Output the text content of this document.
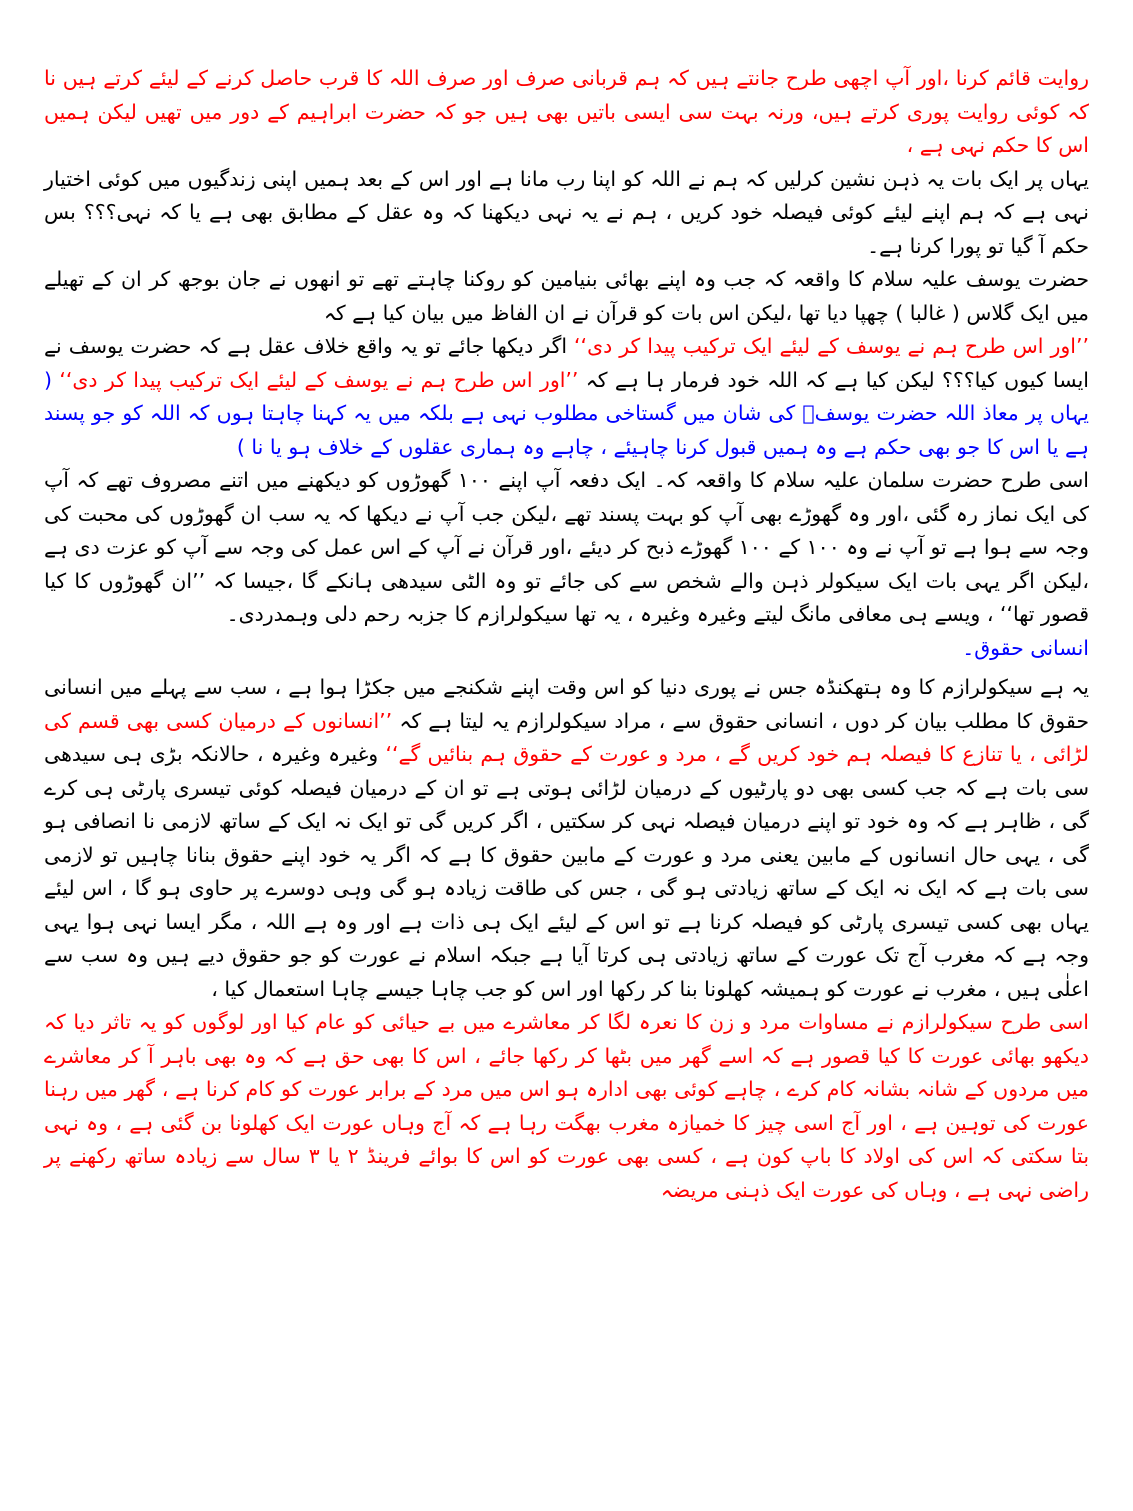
روایت قائم کرنا ،اور آپ اچھی طرح جانتے ہیں کہ ہم قربانی صرف اور صرف اللہ کا قرب حاصل کرنے کے لیئے کرتے ہیں نا کہ کوئی روایت پوری کرتے ہیں، ورنہ بہت سی ایسی باتیں بھی ہیں جو کہ حضرت ابراہیم کے دور میں تھیں لیکن ہمیں اس کا حکم نہی ہے ،

یہاں پر ایک بات یہ ذہن نشین کرلیں کہ ہم نے اللہ کو اپنا رب مانا ہے اور اس کے بعد ہمیں اپنی زندگیوں میں کوئی اختیار نہی ہے کہ ہم اپنے لیئے کوئی فیصلہ خود کریں ، ہم نے یہ نہی دیکھنا کہ وہ عقل کے مطابق بھی ہے یا کہ نہی؟؟؟ بس حکم آ گیا تو پورا کرنا ہے۔

حضرت یوسف علیہ سلام کا واقعہ کہ جب وہ اپنے بھائی بنیامین کو روکنا چاہتے تھے تو انھوں نے جان بوجھ کر ان کے تھیلے میں ایک گلاس ( غالبا ) چھپا دیا تھا ،لیکن اس بات کو قرآن نے ان الفاظ میں بیان کیا ہے کہ

’’اور اس طرح ہم نے یوسف کے لیئے ایک ترکیب پیدا کر دی‘‘ اگر دیکھا جائے تو یہ واقع خلاف عقل ہے کہ حضرت یوسف نے ایسا کیوں کیا؟؟؟ لیکن کیا ہے کہ اللہ خود فرمار ہا ہے کہ ’’اور اس طرح ہم نے یوسف کے لیئے ایک ترکیب پیدا کر دی‘‘ ( یہاں پر معاذ اللہ حضرت یوسفؑ کی شان میں گستاخی مطلوب نہی ہے بلکہ میں یہ کہنا چاہتا ہوں کہ اللہ کو جو پسند ہے یا اس کا جو بھی حکم ہے وہ ہمیں قبول کرنا چاہیئے ، چاہے وہ ہماری عقلوں کے خلاف ہو یا نا )

اسی طرح حضرت سلمان علیہ سلام کا واقعہ کہ۔ ایک دفعہ آپ اپنے ۱۰۰ گھوڑوں کو دیکھنے میں اتنے مصروف تھے کہ آپ کی ایک نماز رہ گئی ،اور وہ گھوڑے بھی آپ کو بہت پسند تھے ،لیکن جب آپ نے دیکھا کہ یہ سب ان گھوڑوں کی محبت کی وجہ سے ہوا ہے تو آپ نے وہ ۱۰۰ کے ۱۰۰ گھوڑے ذبح کر دیئے ،اور قرآن نے آپ کے اس عمل کی وجہ سے آپ کو عزت دی ہے ،لیکن اگر یہی بات ایک سیکولر ذہن والے شخص سے کی جائے تو وہ الٹی سیدھی ہانکے گا ،جیسا کہ ’’ان گھوڑوں کا کیا قصور تھا‘‘ ، ویسے ہی معافی مانگ لیتے وغیرہ وغیرہ ، یہ تھا سیکولرازم کا جزبہ رحم دلی وہمدردی۔

انسانی حقوق۔

یہ ہے سیکولرازم کا وہ ہتھکنڈہ جس نے پوری دنیا کو اس وقت اپنے شکنجے میں جکڑا ہوا ہے ، سب سے پہلے میں انسانی حقوق کا مطلب بیان کر دوں ، انسانی حقوق سے ، مراد سیکولرازم یہ لیتا ہے کہ ’’انسانوں کے درمیان کسی بھی قسم کی لڑائی ، یا تنازع کا فیصلہ ہم خود کریں گے ، مرد و عورت کے حقوق ہم بنائیں گے‘‘ وغیرہ وغیرہ ، حالانکہ بڑی ہی سیدھی سی بات ہے کہ جب کسی بھی دو پارٹیوں کے درمیان لڑائی ہوتی ہے تو ان کے درمیان فیصلہ کوئی تیسری پارٹی ہی کرے گی ، ظاہر ہے کہ وہ خود تو اپنے درمیان فیصلہ نہی کر سکتیں ، اگر کریں گی تو ایک نہ ایک کے ساتھ لازمی نا انصافی ہو گی ، یہی حال انسانوں کے مابین یعنی مرد و عورت کے مابین حقوق کا ہے کہ اگر یہ خود اپنے حقوق بنانا چاہیں تو لازمی سی بات ہے کہ ایک نہ ایک کے ساتھ زیادتی ہو گی ، جس کی طاقت زیادہ ہو گی وہی دوسرے پر حاوی ہو گا ، اس لیئے یہاں بھی کسی تیسری پارٹی کو فیصلہ کرنا ہے تو اس کے لیئے ایک ہی ذات ہے اور وہ ہے اللہ ، مگر ایسا نہی ہوا یہی وجہ ہے کہ مغرب آج تک عورت کے ساتھ زیادتی ہی کرتا آیا ہے جبکہ اسلام نے عورت کو جو حقوق دیے ہیں وہ سب سے اعلٰی ہیں ، مغرب نے عورت کو ہمیشہ کھلونا بنا کر رکھا اور اس کو جب چاہا جیسے چاہا استعمال کیا ،

اسی طرح سیکولرازم نے مساوات مرد و زن کا نعرہ لگا کر معاشرے میں بے حیائی کو عام کیا اور لوگوں کو یہ تاثر دیا کہ دیکھو بھائی عورت کا کیا قصور ہے کہ اسے گھر میں بٹھا کر رکھا جائے ، اس کا بھی حق ہے کہ وہ بھی باہر آ کر معاشرے میں مردوں کے شانہ بشانہ کام کرے ، چاہے کوئی بھی ادارہ ہو اس میں مرد کے برابر عورت کو کام کرنا ہے ، گھر میں رہنا عورت کی توہین ہے ، اور آج اسی چیز کا خمیازہ مغرب بھگت رہا ہے کہ آج وہاں عورت ایک کھلونا بن گئی ہے ، وہ نہی بتا سکتی کہ اس کی اولاد کا باپ کون ہے ، کسی بھی عورت کو اس کا بوائے فرینڈ ۲ یا ۳ سال سے زیادہ ساتھ رکھنے پر راضی نہی ہے ، وہاں کی عورت ایک ذہنی مریضہ
